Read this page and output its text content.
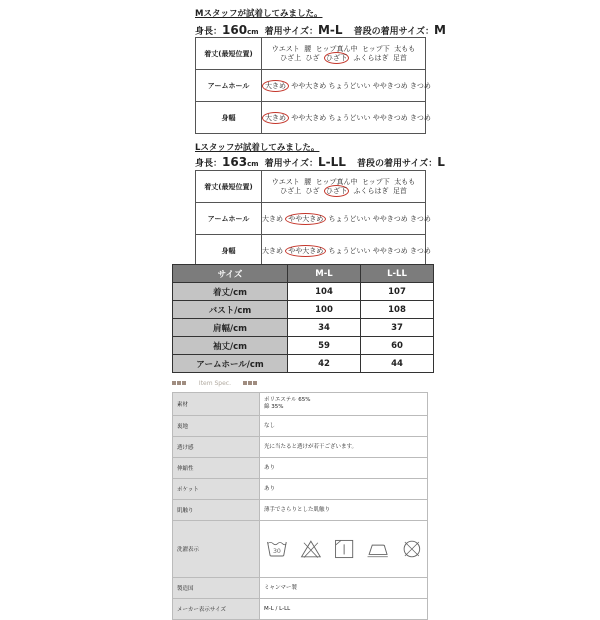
Mスタッフが試着してみました。
身長：160cm 着用サイズ：M-L 普段の着用サイズ：M
着丈(最短位置)	ウエスト 腰 ヒップ真ん中 ヒップ下 太もも
ひざ上 ひざ ひざ下 ふくらはぎ 足首

アームホール	大きめ やや大きめ ちょうどいい ややきつめ きつめ
身幅	大きめ やや大きめ ちょうどいい ややきつめ きつめ
Lスタッフが試着してみました。
身長：163cm 着用サイズ：L-LL 普段の着用サイズ：L
着丈(最短位置)	ウエスト 腰 ヒップ真ん中 ヒップ下 太もも
ひざ上 ひざ ひざ下 ふくらはぎ 足首

アームホール	大きめ やや大きめ ちょうどいい ややきつめ きつめ
身幅	大きめ やや大きめ ちょうどいい ややきつめ きつめ
サイズ	M-L	L-LL
着丈/cm	104	107
バスト/cm	100	108
肩幅/cm	34	37
袖丈/cm	59	60
アームホール/cm	42	44
Item Spec.
素材	ポリエステル 65%
綿 35%

裏地	なし
透け感	光に当たると透けが若干ございます。
伸縮性	あり
ポケット	あり
肌触り	薄手でさらりとした肌触り
洗濯表示	30

製造国	ミャンマー製
メーカー表示サイズ	M-L / L-LL
